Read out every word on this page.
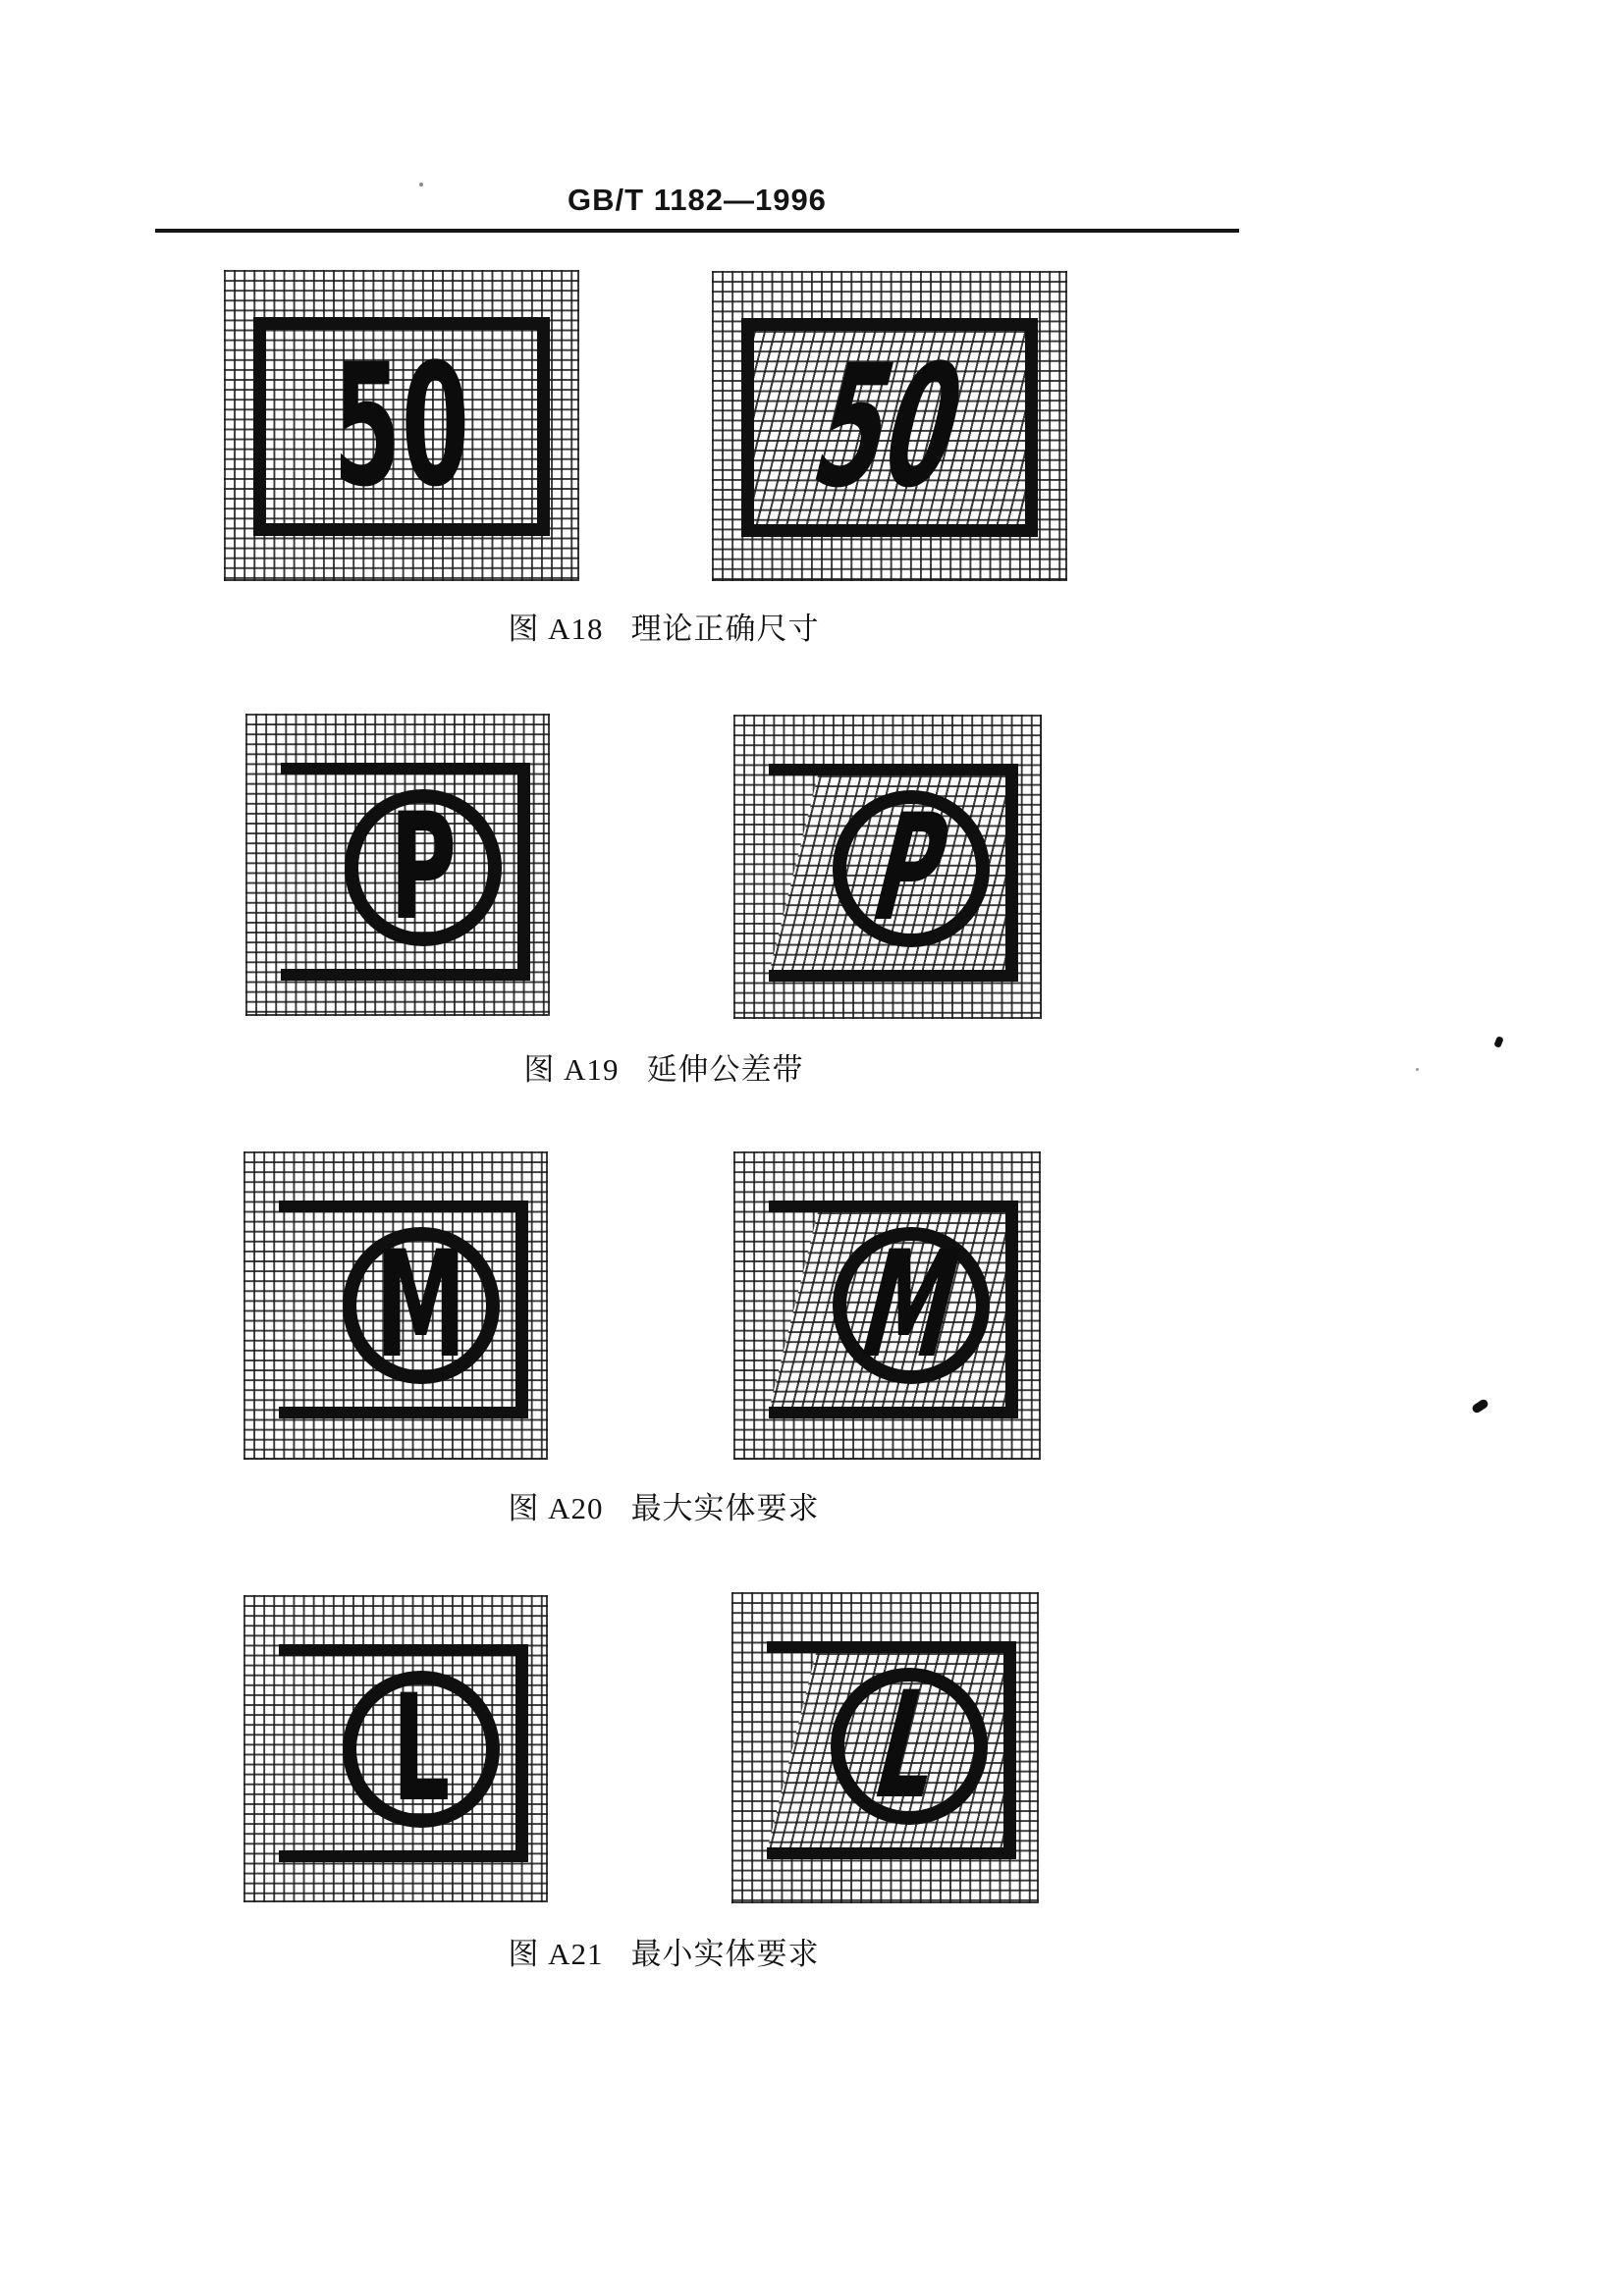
GB/T 1182—1996
50 50
图 A18 理论正确尺寸
P	P
图 A19 延伸公差带
M	M
图 A20 最大实体要求
L	L
图 A21 最小实体要求
